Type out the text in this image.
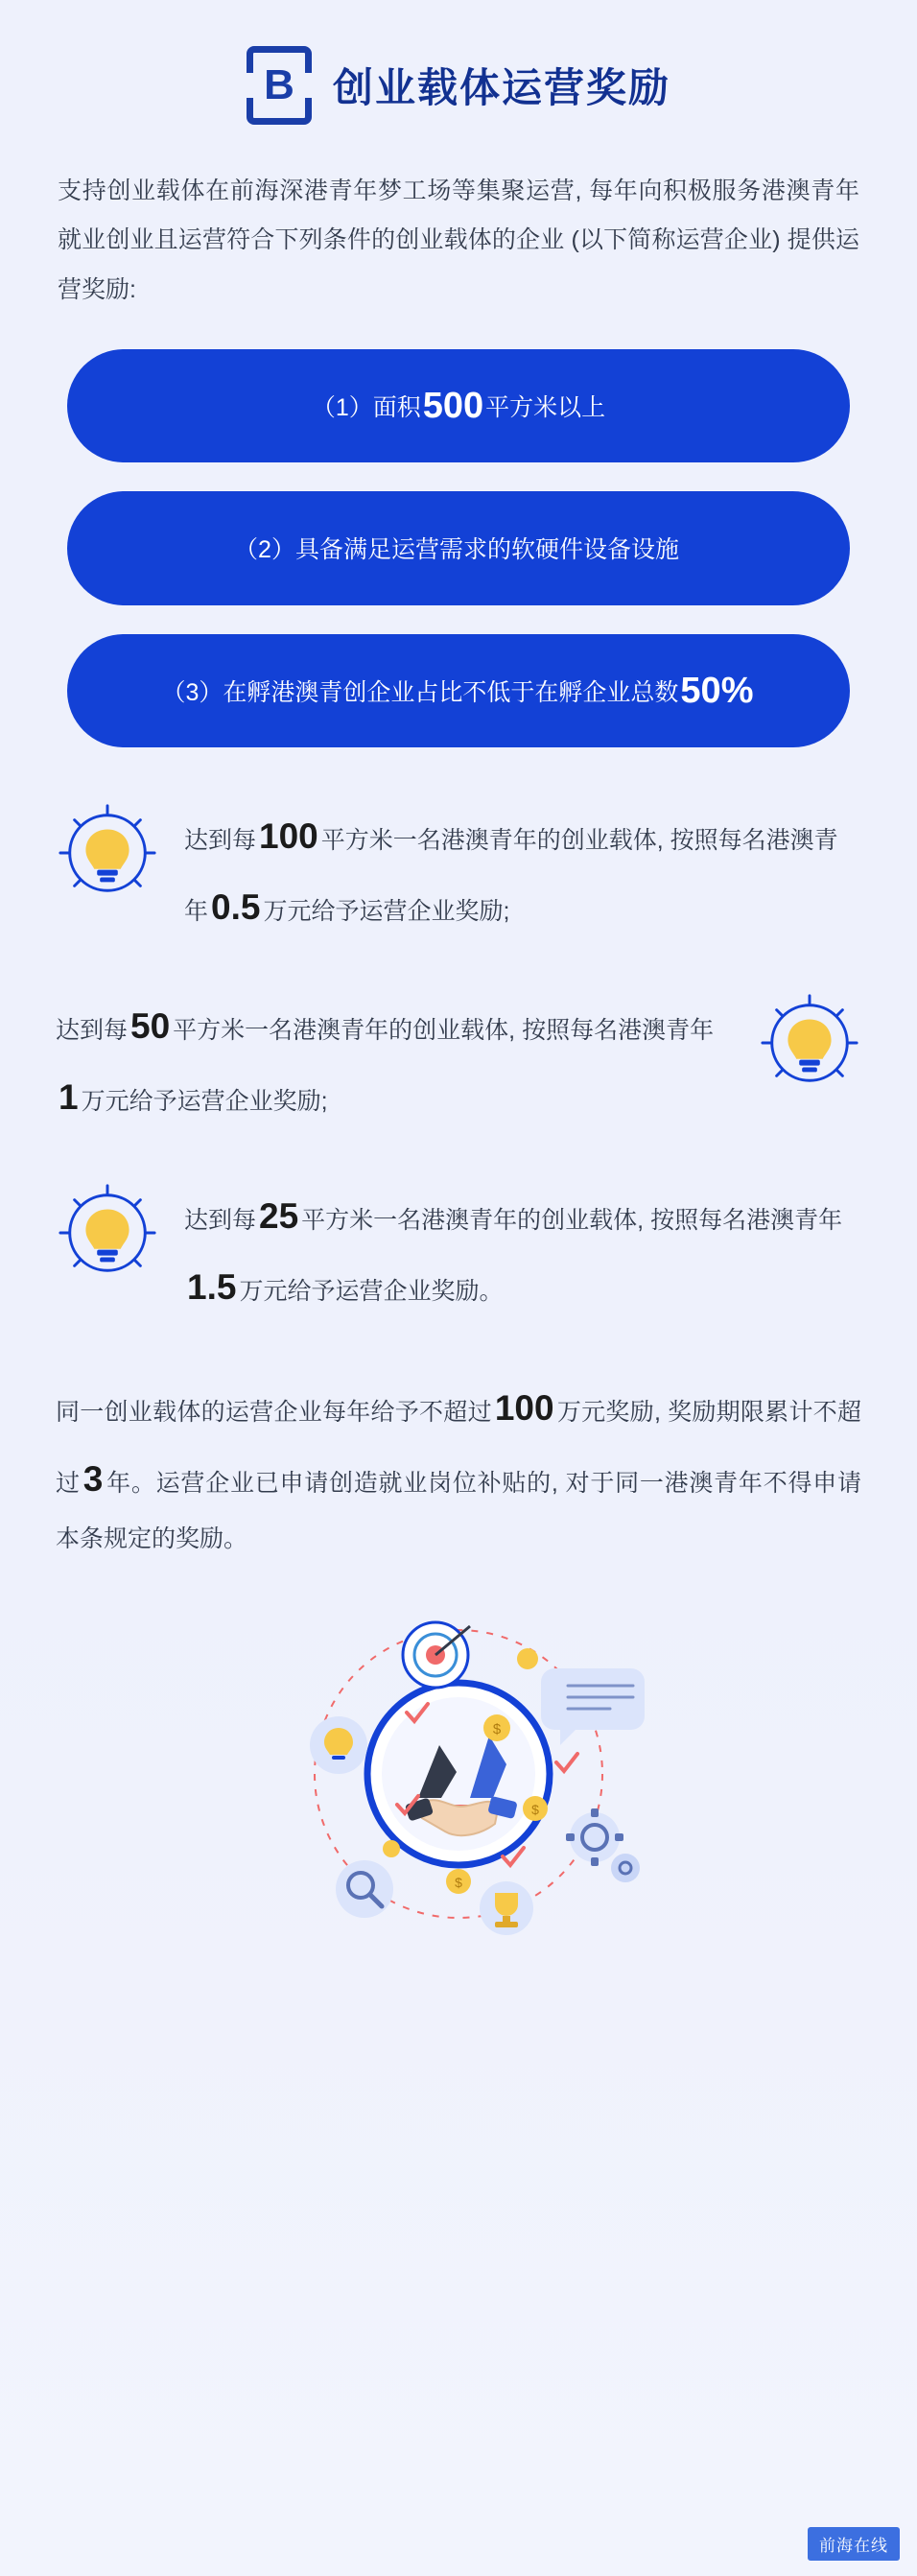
B 创业载体运营奖励
支持创业载体在前海深港青年梦工场等集聚运营, 每年向积极服务港澳青年就业创业且运营符合下列条件的创业载体的企业 (以下简称运营企业) 提供运营奖励:
（1）面积500平方米以上
（2）具备满足运营需求的软硬件设备设施
（3）在孵港澳青创企业占比不低于在孵企业总数50%
达到每100 平方米一名港澳青年的创业载体, 按照每名港澳青年0.5 万元给予运营企业奖励;
达到每50 平方米一名港澳青年的创业载体, 按照每名港澳青年1 万元给予运营企业奖励;
达到每25 平方米一名港澳青年的创业载体, 按照每名港澳青年1.5 万元给予运营企业奖励。
同一创业载体的运营企业每年给予不超过100 万元奖励, 奖励期限累计不超过3 年。运营企业已申请创造就业岗位补贴的, 对于同一港澳青年不得申请本条规定的奖励。
$
$
$
前海在线
